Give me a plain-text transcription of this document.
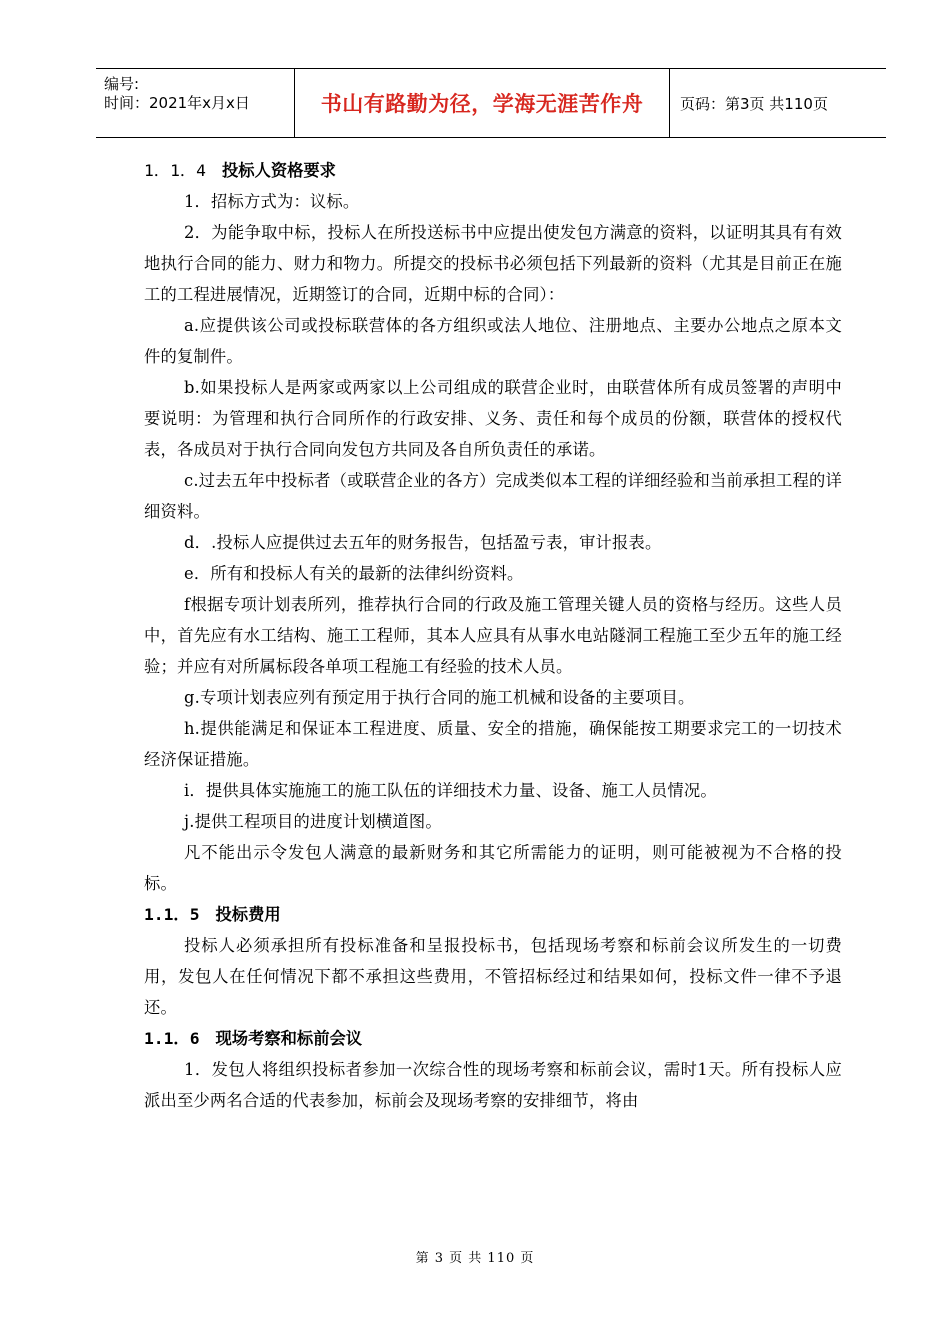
编号:
时间：2021年x月x日	书山有路勤为径，学海无涯苦作舟	页码：第3页 共110页

1．1．4 投标人资格要求

1．招标方式为：议标。

2．为能争取中标，投标人在所投送标书中应提出使发包方满意的资料，以证明其具有有效地执行合同的能力、财力和物力。所提交的投标书必须包括下列最新的资料（尤其是目前正在施工的工程进展情况，近期签订的合同，近期中标的合同）：

a.应提供该公司或投标联营体的各方组织或法人地位、注册地点、主要办公地点之原本文件的复制件。

b.如果投标人是两家或两家以上公司组成的联营企业时，由联营体所有成员签署的声明中要说明：为管理和执行合同所作的行政安排、义务、责任和每个成员的份额，联营体的授权代表，各成员对于执行合同向发包方共同及各自所负责任的承诺。

c.过去五年中投标者（或联营企业的各方）完成类似本工程的详细经验和当前承担工程的详细资料。

d．.投标人应提供过去五年的财务报告，包括盈亏表，审计报表。

e．所有和投标人有关的最新的法律纠纷资料。

f根据专项计划表所列，推荐执行合同的行政及施工管理关键人员的资格与经历。这些人员中，首先应有水工结构、施工工程师，其本人应具有从事水电站隧洞工程施工至少五年的施工经验；并应有对所属标段各单项工程施工有经验的技术人员。

g.专项计划表应列有预定用于执行合同的施工机械和设备的主要项目。

h.提供能满足和保证本工程进度、质量、安全的措施，确保能按工期要求完工的一切技术经济保证措施。

i．提供具体实施施工的施工队伍的详细技术力量、设备、施工人员情况。

j.提供工程项目的进度计划横道图。

凡不能出示令发包人满意的最新财务和其它所需能力的证明，则可能被视为不合格的投标。

1.1．5 投标费用

投标人必须承担所有投标准备和呈报投标书，包括现场考察和标前会议所发生的一切费用，发包人在任何情况下都不承担这些费用，不管招标经过和结果如何，投标文件一律不予退还。

1.1．6 现场考察和标前会议

1．发包人将组织投标者参加一次综合性的现场考察和标前会议，需时1天。所有投标人应派出至少两名合适的代表参加，标前会及现场考察的安排细节，将由

第 3 页 共 110 页
